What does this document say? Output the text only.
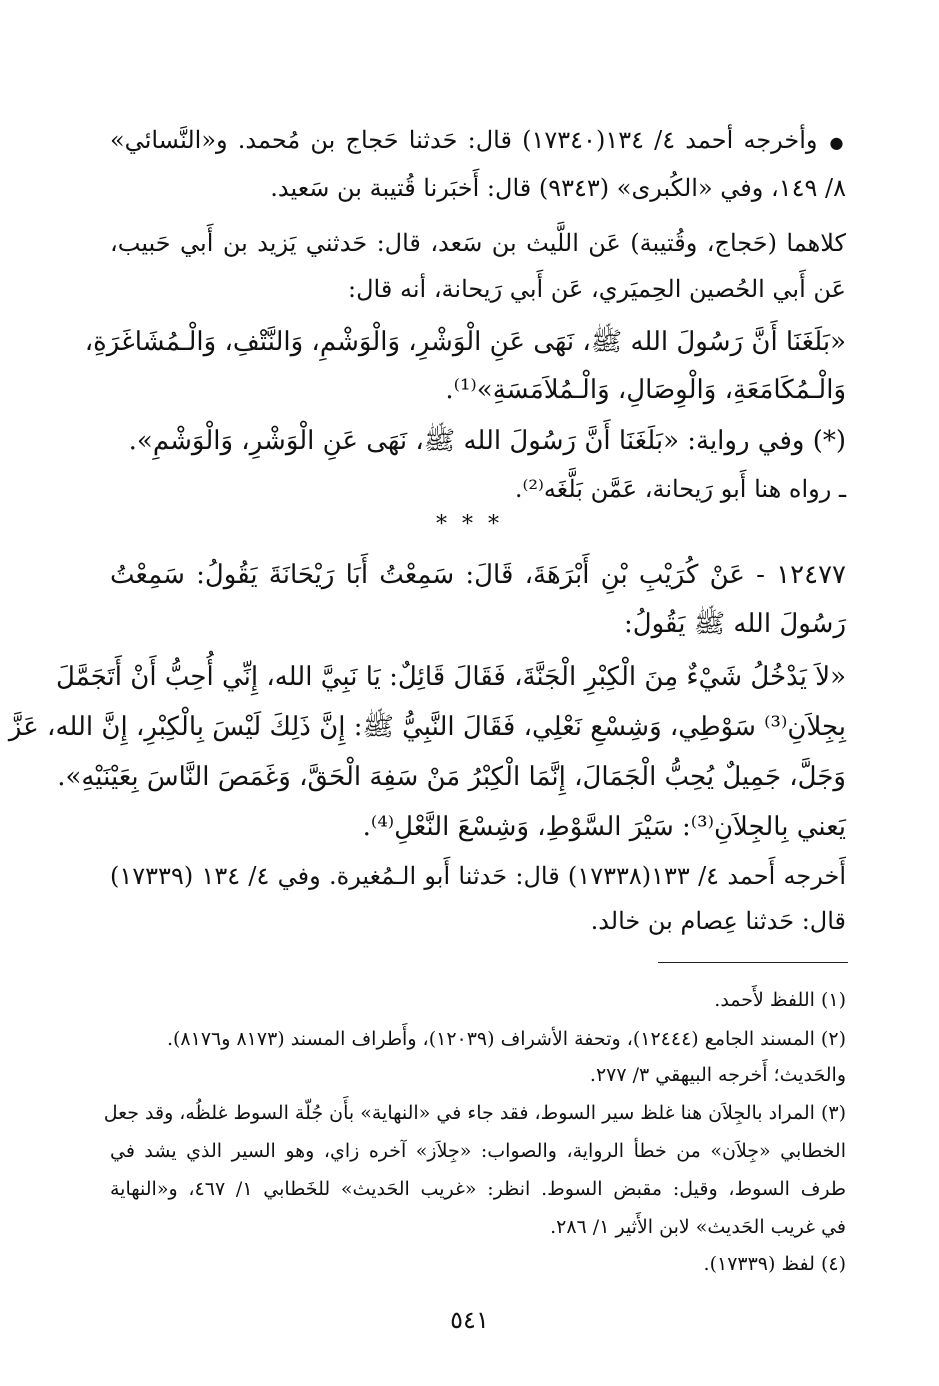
●وأخرجه أحمد ٤/ ١٣٤(١٧٣٤٠) قال: حَدثنا حَجاج بن مُحمد. و«النَّسائي»
٨/ ١٤٩، وفي «الكُبرى» (٩٣٤٣) قال: أَخبَرنا قُتيبة بن سَعيد.
كلاهما (حَجاج، وقُتيبة) عَن اللَّيث بن سَعد، قال: حَدثني يَزيد بن أَبي حَبيب،
عَن أَبي الحُصين الحِميَري، عَن أَبي رَيحانة، أنه قال:
«بَلَغَنَا أَنَّ رَسُولَ الله ﷺ، نَهَى عَنِ الْوَشْرِ، وَالْوَشْمِ، وَالنَّتْفِ، وَالْـمُشَاغَرَةِ،
وَالْـمُكَامَعَةِ، وَالْوِصَالِ، وَالْـمُلاَمَسَةِ»⁽¹⁾.
(*) وفي رواية: «بَلَغَنَا أَنَّ رَسُولَ الله ﷺ، نَهَى عَنِ الْوَشْرِ، وَالْوَشْمِ».
ـ رواه هنا أَبو رَيحانة، عَمَّن بَلَّغَه⁽²⁾.
* * *
١٢٤٧٧ - عَنْ كُرَيْبِ بْنِ أَبْرَهَةَ، قَالَ: سَمِعْتُ أَبَا رَيْحَانَةَ يَقُولُ: سَمِعْتُ
رَسُولَ الله ﷺ يَقُولُ:
«لاَ يَدْخُلُ شَيْءٌ مِنَ الْكِبْرِ الْجَنَّةَ، فَقَالَ قَائِلٌ: يَا نَبِيَّ الله، إِنِّي أُحِبُّ أَنْ أَتَجَمَّلَ
بِجِلاَنِ⁽³⁾ سَوْطِي، وَشِسْعِ نَعْلِي، فَقَالَ النَّبِيُّ ﷺ: إِنَّ ذَلِكَ لَيْسَ بِالْكِبْرِ، إِنَّ الله، عَزَّ
وَجَلَّ، جَمِيلٌ يُحِبُّ الْجَمَالَ، إِنَّمَا الْكِبْرُ مَنْ سَفِهَ الْحَقَّ، وَغَمَصَ النَّاسَ بِعَيْنَيْهِ».
يَعني بِالجِلاَنِ⁽³⁾: سَيْرَ السَّوْطِ، وَشِسْعَ النَّعْلِ⁽⁴⁾.
أَخرجه أَحمد ٤/ ١٣٣(١٧٣٣٨) قال: حَدثنا أَبو الـمُغيرة. وفي ٤/ ١٣٤ (١٧٣٣٩)
قال: حَدثنا عِصام بن خالد.
(١) اللفظ لأَحمد.
(٢) المسند الجامع (١٢٤٤٤)، وتحفة الأشراف (١٢٠٣٩)، وأَطراف المسند (٨١٧٣ و٨١٧٦).
والحَديث؛ أَخرجه البيهقي ٣/ ٢٧٧.
(٣) المراد بالجِلاَن هنا غلظ سير السوط، فقد جاء في «النهاية» بأَن جُلّة السوط غلظُه، وقد جعل
الخطابي «جِلاَن» من خطأ الرواية، والصواب: «جِلاَز» آخره زاي، وهو السير الذي يشد في
طرف السوط، وقيل: مقبض السوط. انظر: «غريب الحَديث» للخَطابي ١/ ٤٦٧، و«النهاية
في غريب الحَديث» لابن الأَثير ١/ ٢٨٦.
(٤) لفظ (١٧٣٣٩).
٥٤١
